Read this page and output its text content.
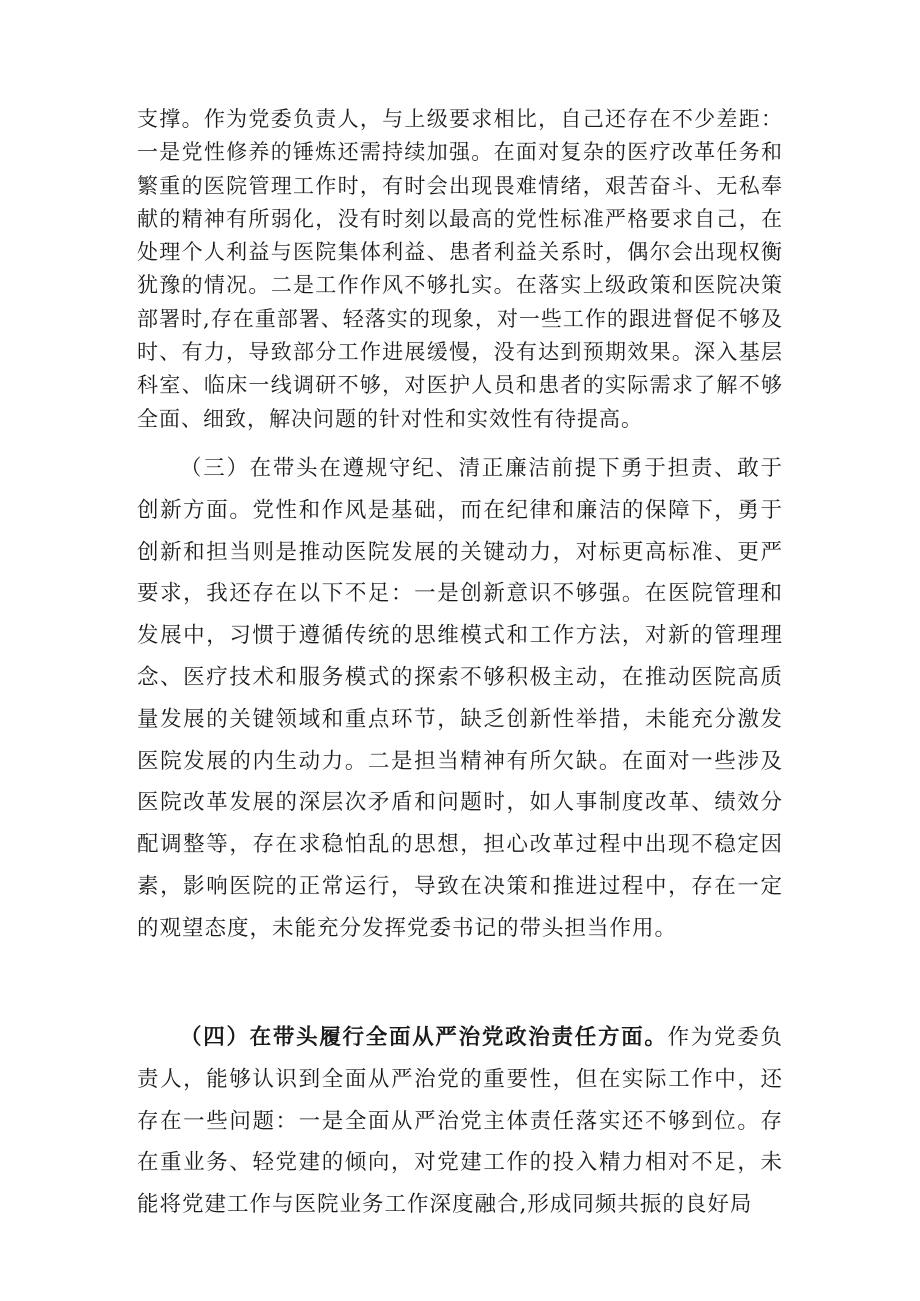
支撑。作为党委负责人，与上级要求相比，自己还存在不少差距：一是党性修养的锤炼还需持续加强。在面对复杂的医疗改革任务和繁重的医院管理工作时，有时会出现畏难情绪，艰苦奋斗、无私奉献的精神有所弱化，没有时刻以最高的党性标准严格要求自己，在处理个人利益与医院集体利益、患者利益关系时，偶尔会出现权衡犹豫的情况。二是工作作风不够扎实。在落实上级政策和医院决策部署时,存在重部署、轻落实的现象，对一些工作的跟进督促不够及时、有力，导致部分工作进展缓慢，没有达到预期效果。深入基层科室、临床一线调研不够，对医护人员和患者的实际需求了解不够全面、细致，解决问题的针对性和实效性有待提高。
（三）在带头在遵规守纪、清正廉洁前提下勇于担责、敢于创新方面。党性和作风是基础，而在纪律和廉洁的保障下，勇于创新和担当则是推动医院发展的关键动力，对标更高标准、更严要求，我还存在以下不足：一是创新意识不够强。在医院管理和发展中，习惯于遵循传统的思维模式和工作方法，对新的管理理念、医疗技术和服务模式的探索不够积极主动，在推动医院高质量发展的关键领域和重点环节，缺乏创新性举措，未能充分激发医院发展的内生动力。二是担当精神有所欠缺。在面对一些涉及医院改革发展的深层次矛盾和问题时，如人事制度改革、绩效分配调整等，存在求稳怕乱的思想，担心改革过程中出现不稳定因素，影响医院的正常运行，导致在决策和推进过程中，存在一定的观望态度，未能充分发挥党委书记的带头担当作用。
（四）在带头履行全面从严治党政治责任方面。作为党委负责人，能够认识到全面从严治党的重要性，但在实际工作中，还存在一些问题：一是全面从严治党主体责任落实还不够到位。存在重业务、轻党建的倾向，对党建工作的投入精力相对不足，未能将党建工作与医院业务工作深度融合,形成同频共振的良好局
